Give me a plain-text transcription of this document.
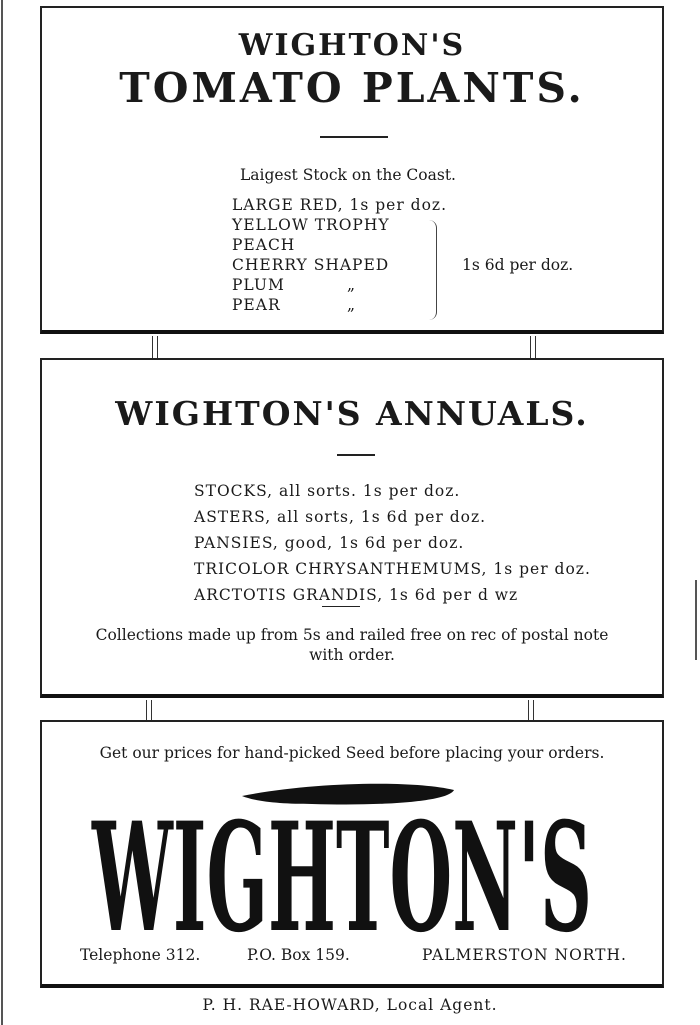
WIGHTON'S
TOMATO PLANTS.
Laigest Stock on the Coast.
LARGE RED, 1s per doz.
YELLOW TROPHY
PEACH
CHERRY SHAPED
PLUM
PEAR
„
„
1s 6d per doz.
WIGHTON'S ANNUALS.
STOCKS, all sorts. 1s per doz.
ASTERS, all sorts, 1s 6d per doz.
PANSIES, good, 1s 6d per doz.
TRICOLOR CHRYSANTHEMUMS, 1s per doz.
ARCTOTIS GRANDIS, 1s 6d per d wz
Collections made up from 5s and railed free on rec of postal note
with order.
Get our prices for hand-picked Seed before placing your orders.
WIGHTON'S
Telephone 312.	P.O. Box 159.	PALMERSTON NORTH.
P. H. RAE-HOWARD, Local Agent.
